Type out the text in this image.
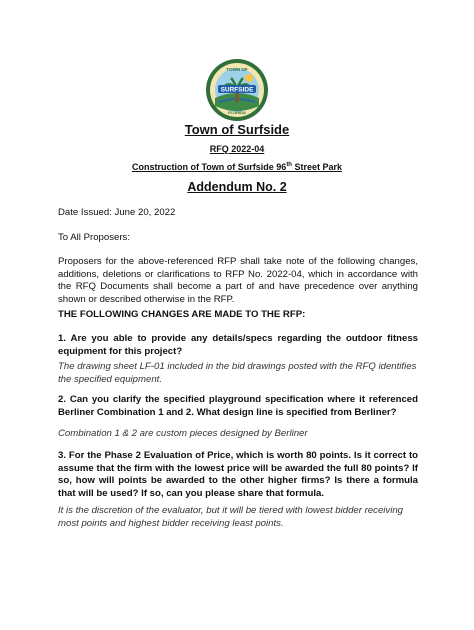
SURFSIDE
TOWN OF
FLORIDA
Town of Surfside
RFQ 2022-04
Construction of Town of Surfside 96th Street Park
Addendum No. 2
Date Issued: June 20, 2022
To All Proposers:
Proposers for the above-referenced RFP shall take note of the following changes, additions, deletions or clarifications to RFP No. 2022-04, which in accordance with the RFQ Documents shall become a part of and have precedence over anything shown or described otherwise in the RFP.
THE FOLLOWING CHANGES ARE MADE TO THE RFP:
1. Are you able to provide any details/specs regarding the outdoor fitness equipment for this project?
The drawing sheet LF-01 included in the bid drawings posted with the RFQ identifies the specified equipment.
2. Can you clarify the specified playground specification where it referenced Berliner Combination 1 and 2. What design line is specified from Berliner?
Combination 1 & 2 are custom pieces designed by Berliner
3. For the Phase 2 Evaluation of Price, which is worth 80 points. Is it correct to assume that the firm with the lowest price will be awarded the full 80 points? If so, how will points be awarded to the other higher firms? Is there a formula that will be used? If so, can you please share that formula.
It is the discretion of the evaluator, but it will be tiered with lowest bidder receiving most points and highest bidder receiving least points.
